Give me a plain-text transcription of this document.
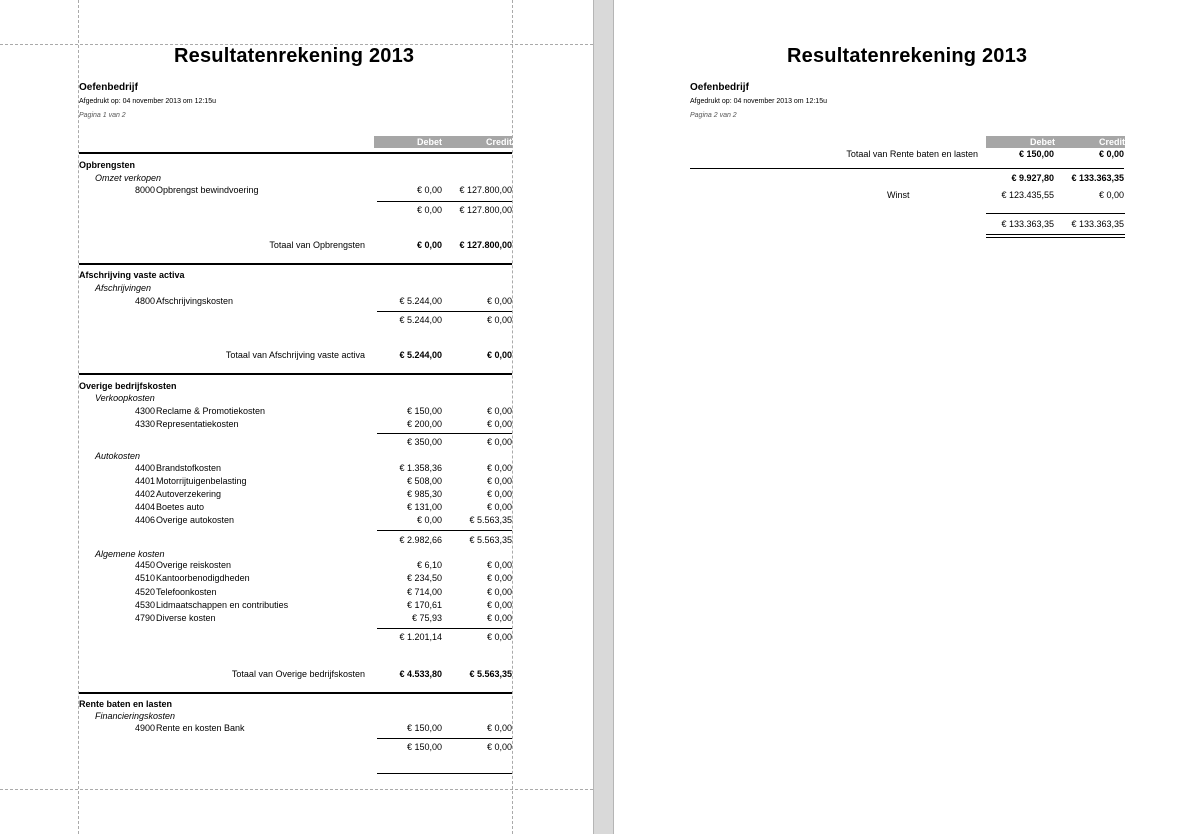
Resultatenrekening 2013
Oefenbedrijf
Afgedrukt op: 04 november 2013 om 12:15u
Pagina 1 van 2
Debet	Credit
Opbrengsten
Omzet verkopen
8000 Opbrengst bewindvoering	€ 0,00	€ 127.800,00
€ 0,00	€ 127.800,00
Totaal van Opbrengsten	€ 0,00	€ 127.800,00
Afschrijving vaste activa
Afschrijvingen
4800 Afschrijvingskosten	€ 5.244,00	€ 0,00
€ 5.244,00	€ 0,00
Totaal van Afschrijving vaste activa	€ 5.244,00	€ 0,00
Overige bedrijfskosten
Verkoopkosten
4300 Reclame & Promotiekosten	€ 150,00	€ 0,00
4330 Representatiekosten	€ 200,00	€ 0,00
€ 350,00	€ 0,00
Autokosten
4400 Brandstofkosten	€ 1.358,36	€ 0,00
4401 Motorrijtuigenbelasting	€ 508,00	€ 0,00
4402 Autoverzekering	€ 985,30	€ 0,00
4404 Boetes auto	€ 131,00	€ 0,00
4406 Overige autokosten	€ 0,00	€ 5.563,35
€ 2.982,66	€ 5.563,35
Algemene kosten
4450 Overige reiskosten	€ 6,10	€ 0,00
4510 Kantoorbenodigdheden	€ 234,50	€ 0,00
4520 Telefoonkosten	€ 714,00	€ 0,00
4530 Lidmaatschappen en contributies	€ 170,61	€ 0,00
4790 Diverse kosten	€ 75,93	€ 0,00
€ 1.201,14	€ 0,00
Totaal van Overige bedrijfskosten	€ 4.533,80	€ 5.563,35
Rente baten en lasten
Financieringskosten
4900 Rente en kosten Bank	€ 150,00	€ 0,00
€ 150,00	€ 0,00
Resultatenrekening 2013
Oefenbedrijf
Afgedrukt op: 04 november 2013 om 12:15u
Pagina 2 van 2
Debet	Credit
Totaal van Rente baten en lasten	€ 150,00	€ 0,00
€ 9.927,80	€ 133.363,35
Winst	€ 123.435,55	€ 0,00
€ 133.363,35	€ 133.363,35
